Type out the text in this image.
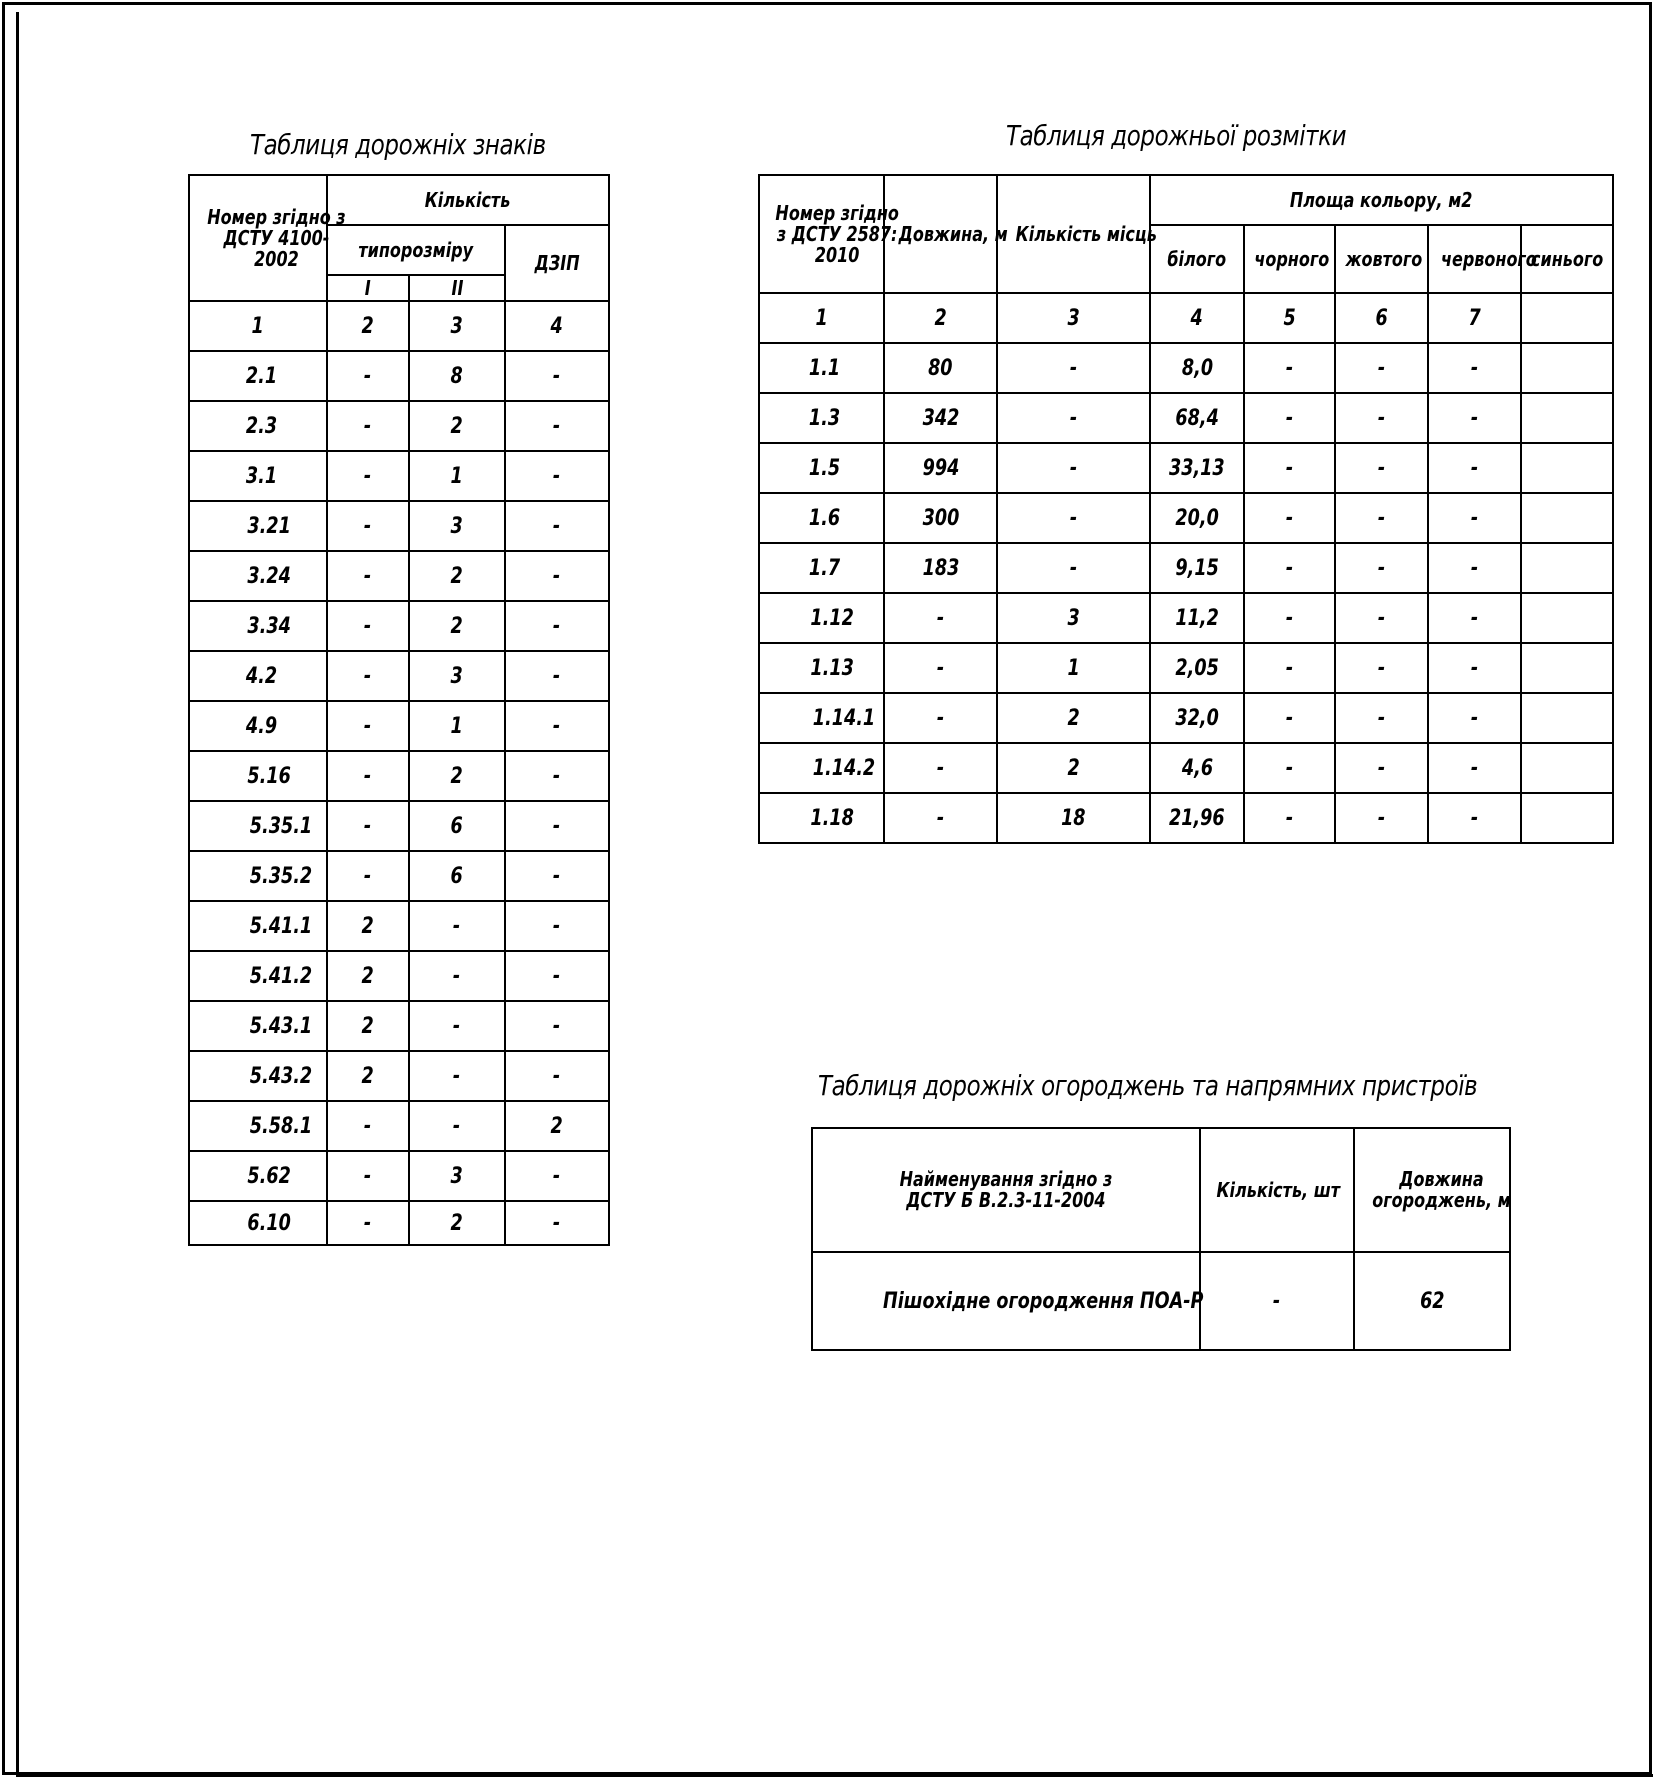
Таблиця дорожніх знаків
Номер згідно з
ДСТУ 4100-
2002	Кількість		
	типорозміру		ДЗІП
	I	II	
1	2	3	4
2.1	-	8	-
2.3	-	2	-
3.1	-	1	-
3.21	-	3	-
3.24	-	2	-
3.34	-	2	-
4.2	-	3	-
4.9	-	1	-
5.16	-	2	-
5.35.1	-	6	-
5.35.2	-	6	-
5.41.1	2	-	-
5.41.2	2	-	-
5.43.1	2	-	-
5.43.2	2	-	-
5.58.1	-	-	2
5.62	-	3	-
6.10	-	2	-
Таблиця дорожньої розмітки
Номер згідно
з ДСТУ 2587:
2010	Довжина, м	Кількість місць	Площа кольору, м2				
			білого	чорного	жовтого	червоного	синього
1	2	3	4	5	6	7	
1.1	80	-	8,0	-	-	-	
1.3	342	-	68,4	-	-	-	
1.5	994	-	33,13	-	-	-	
1.6	300	-	20,0	-	-	-	
1.7	183	-	9,15	-	-	-	
1.12	-	3	11,2	-	-	-	
1.13	-	1	2,05	-	-	-	
1.14.1	-	2	32,0	-	-	-	
1.14.2	-	2	4,6	-	-	-	
1.18	-	18	21,96	-	-	-	
Таблиця дорожніх огороджень та напрямних пристроїв
Найменування згідно з
ДСТУ Б В.2.3-11-2004	Кількість, шт	Довжина
огороджень, м
Пішохідне огородження ПОА-Р	-	62
